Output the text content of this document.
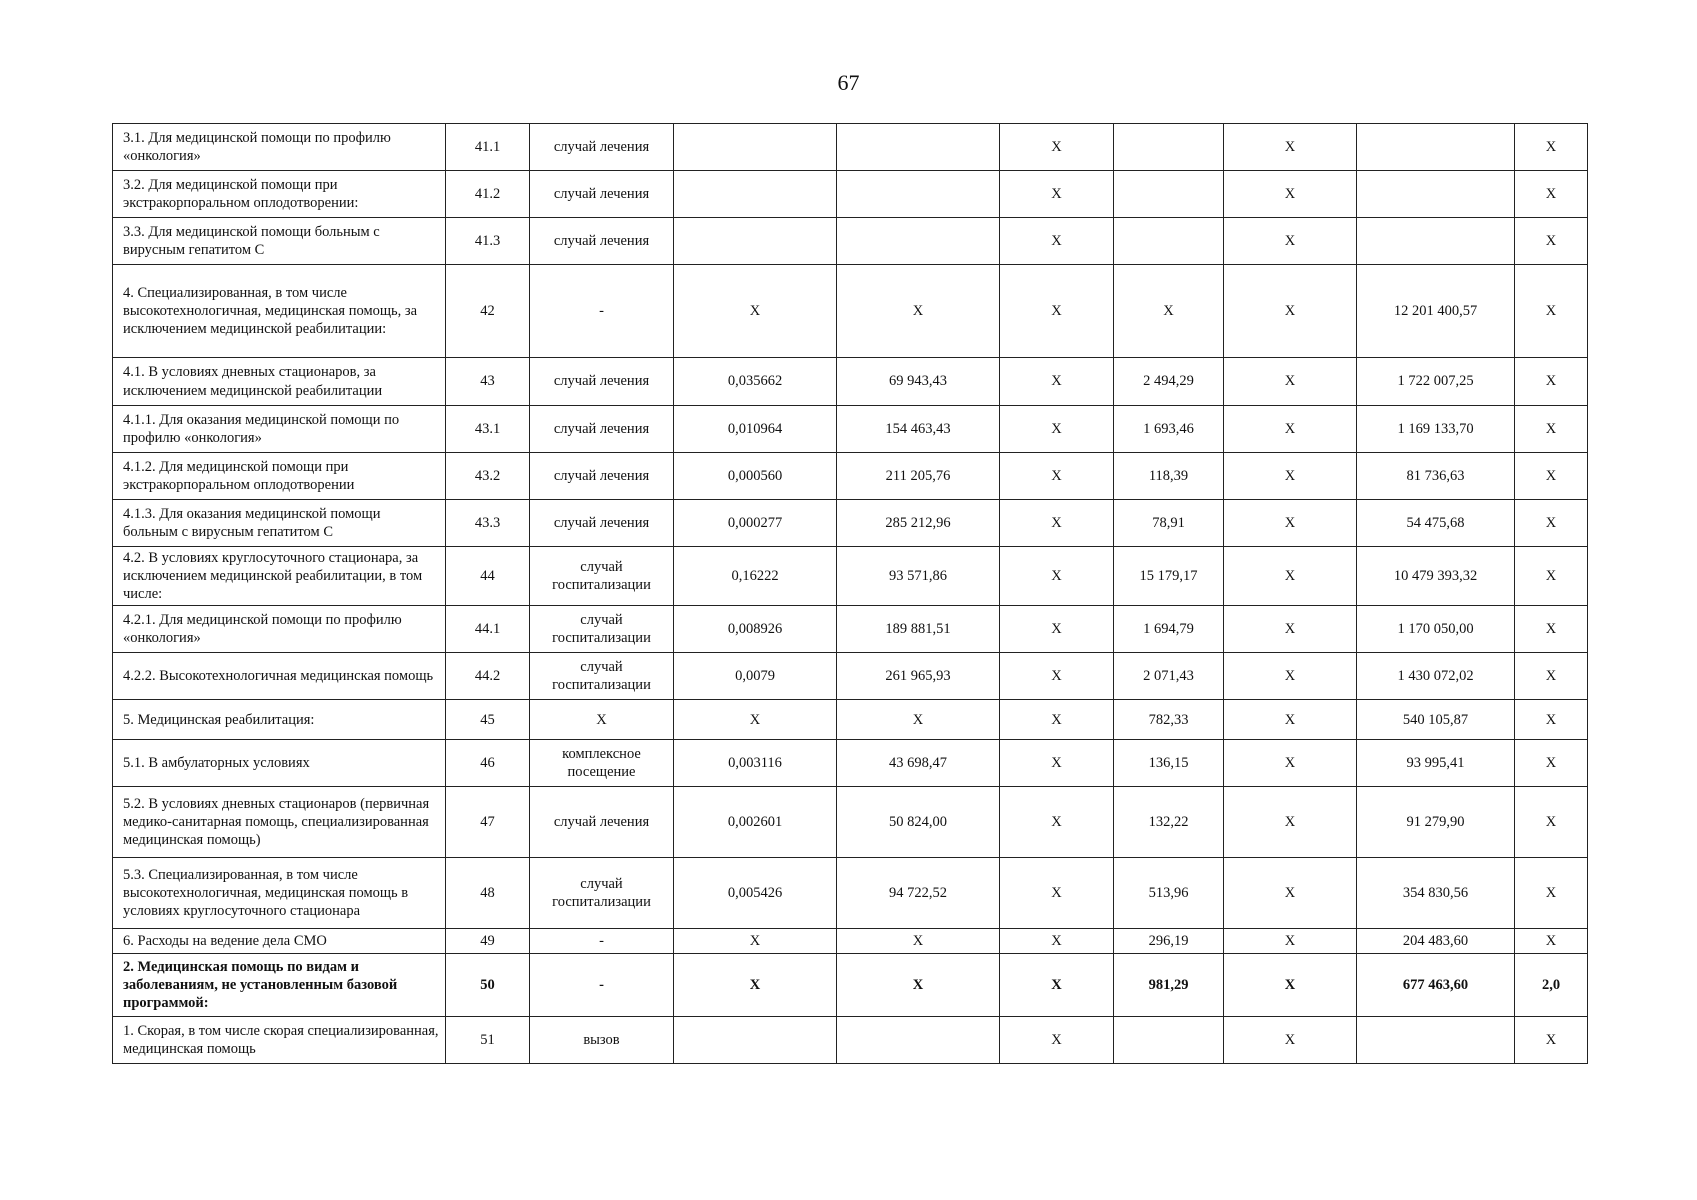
67
3.1. Для медицинской помощи по профилю «онкология»	41.1	случай лечения			X		X		X
3.2. Для медицинской помощи при экстракорпоральном оплодотворении:	41.2	случай лечения			X		X		X
3.3. Для медицинской помощи больным с вирусным гепатитом С	41.3	случай лечения			X		X		X
4. Специализированная, в том числе высокотехнологичная, медицинская помощь, за исключением медицинской реабилитации:	42	-	X	X	X	X	X	12 201 400,57	X
4.1. В условиях дневных стационаров, за исключением медицинской реабилитации	43	случай лечения	0,035662	69 943,43	X	2 494,29	X	1 722 007,25	X
4.1.1. Для оказания медицинской помощи по профилю «онкология»	43.1	случай лечения	0,010964	154 463,43	X	1 693,46	X	1 169 133,70	X
4.1.2. Для медицинской помощи при экстракорпоральном оплодотворении	43.2	случай лечения	0,000560	211 205,76	X	118,39	X	81 736,63	X
4.1.3. Для оказания медицинской помощи больным с вирусным гепатитом С	43.3	случай лечения	0,000277	285 212,96	X	78,91	X	54 475,68	X
4.2. В условиях круглосуточного стационара, за исключением медицинской реабилитации, в том числе:	44	случай госпитализации	0,16222	93 571,86	X	15 179,17	X	10 479 393,32	X
4.2.1. Для медицинской помощи по профилю «онкология»	44.1	случай госпитализации	0,008926	189 881,51	X	1 694,79	X	1 170 050,00	X
4.2.2. Высокотехнологичная медицинская помощь	44.2	случай госпитализации	0,0079	261 965,93	X	2 071,43	X	1 430 072,02	X
5. Медицинская реабилитация:	45	X	X	X	X	782,33	X	540 105,87	X
5.1. В амбулаторных условиях	46	комплексное посещение	0,003116	43 698,47	X	136,15	X	93 995,41	X
5.2. В условиях дневных стационаров (первичная медико-санитарная помощь, специализированная медицинская помощь)	47	случай лечения	0,002601	50 824,00	X	132,22	X	91 279,90	X
5.3. Специализированная, в том числе высокотехнологичная, медицинская помощь в условиях круглосуточного стационара	48	случай госпитализации	0,005426	94 722,52	X	513,96	X	354 830,56	X
6. Расходы на ведение дела СМО	49	-	X	X	X	296,19	X	204 483,60	X
2. Медицинская помощь по видам и заболеваниям, не установленным базовой программой:	50	-	X	X	X	981,29	X	677 463,60	2,0
1. Скорая, в том числе скорая специализированная, медицинская помощь	51	вызов			X		X		X
